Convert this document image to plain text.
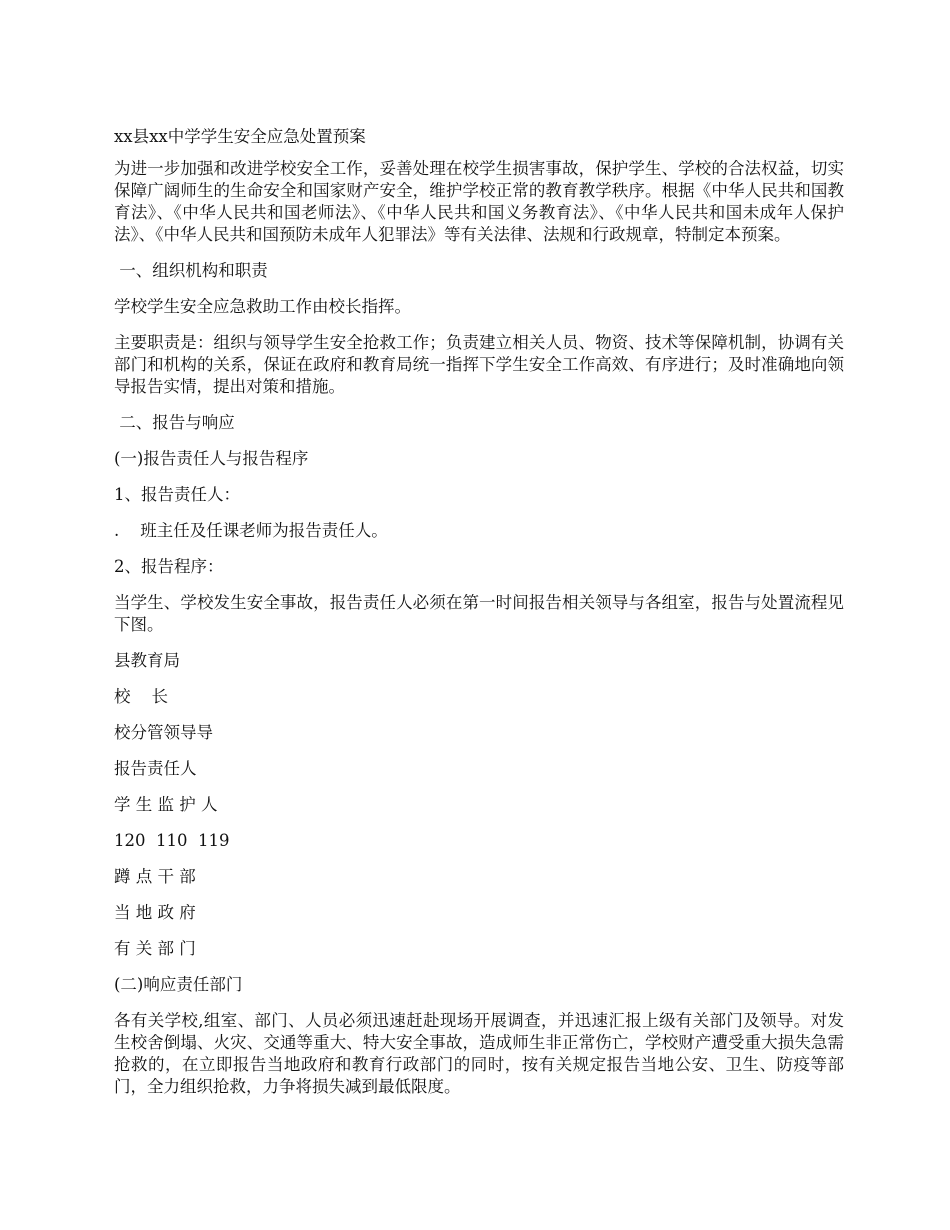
xx县xx中学学生安全应急处置预案

为进一步加强和改进学校安全工作，妥善处理在校学生损害事故，保护学生、学校的合法权益，切实保障广阔师生的生命安全和国家财产安全，维护学校正常的教育教学秩序。根据《中华人民共和国教育法》、《中华人民共和国老师法》、《中华人民共和国义务教育法》、《中华人民共和国未成年人保护法》、《中华人民共和国预防未成年人犯罪法》等有关法律、法规和行政规章，特制定本预案。

一、组织机构和职责

学校学生安全应急救助工作由校长指挥。

主要职责是：组织与领导学生安全抢救工作；负责建立相关人员、物资、技术等保障机制，协调有关部门和机构的关系，保证在政府和教育局统一指挥下学生安全工作高效、有序进行；及时准确地向领导报告实情，提出对策和措施。

二、报告与响应

(一)报告责任人与报告程序

1、报告责任人：

.    班主任及任课老师为报告责任人。

2、报告程序：

当学生、学校发生安全事故，报告责任人必须在第一时间报告相关领导与各组室，报告与处置流程见下图。

县教育局

校    长

校分管领导导

报告责任人

学 生 监 护 人

120  110  119

蹲 点 干 部

当 地 政 府

有 关 部 门

(二)响应责任部门

各有关学校,组室、部门、人员必须迅速赶赴现场开展调查，并迅速汇报上级有关部门及领导。对发生校舍倒塌、火灾、交通等重大、特大安全事故，造成师生非正常伤亡，学校财产遭受重大损失急需抢救的，在立即报告当地政府和教育行政部门的同时，按有关规定报告当地公安、卫生、防疫等部门，全力组织抢救，力争将损失减到最低限度。
